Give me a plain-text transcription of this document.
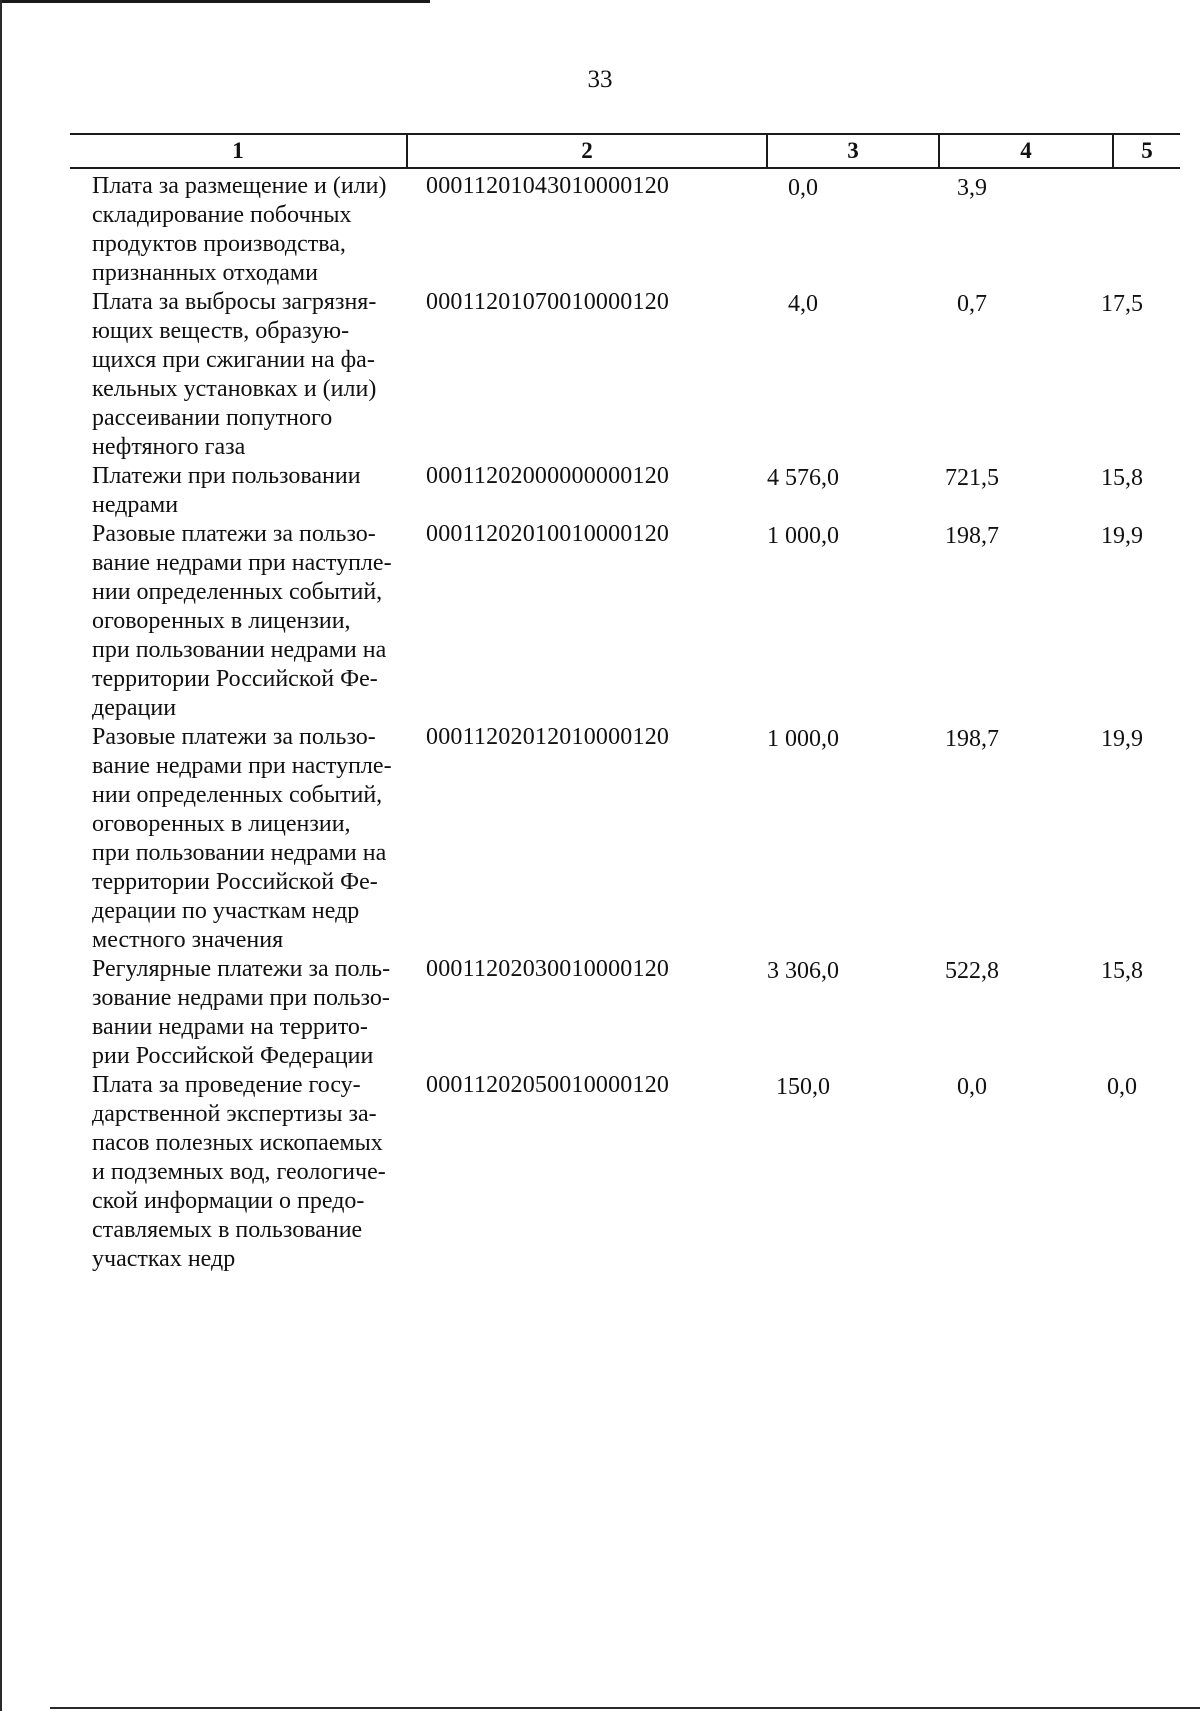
33
1	2	3	4	5
Плата за размещение и (или)
складирование побочных
продуктов производства,
признанных отходами
00011201043010000120	0,0	3,9
Плата за выбросы загрязня-
ющих веществ, образую-
щихся при сжигании на фа-
кельных установках и (или)
рассеивании попутного
нефтяного газа
00011201070010000120	4,0	0,7	17,5
Платежи при пользовании
недрами
00011202000000000120	4 576,0	721,5	15,8
Разовые платежи за пользо-
вание недрами при наступле-
нии определенных событий,
оговоренных в лицензии,
при пользовании недрами на
территории Российской Фе-
дерации
00011202010010000120	1 000,0	198,7	19,9
Разовые платежи за пользо-
вание недрами при наступле-
нии определенных событий,
оговоренных в лицензии,
при пользовании недрами на
территории Российской Фе-
дерации по участкам недр
местного значения
00011202012010000120	1 000,0	198,7	19,9
Регулярные платежи за поль-
зование недрами при пользо-
вании недрами на террито-
рии Российской Федерации
00011202030010000120	3 306,0	522,8	15,8
Плата за проведение госу-
дарственной экспертизы за-
пасов полезных ископаемых
и подземных вод, геологиче-
ской информации о предо-
ставляемых в пользование
участках недр
00011202050010000120	150,0	0,0	0,0
